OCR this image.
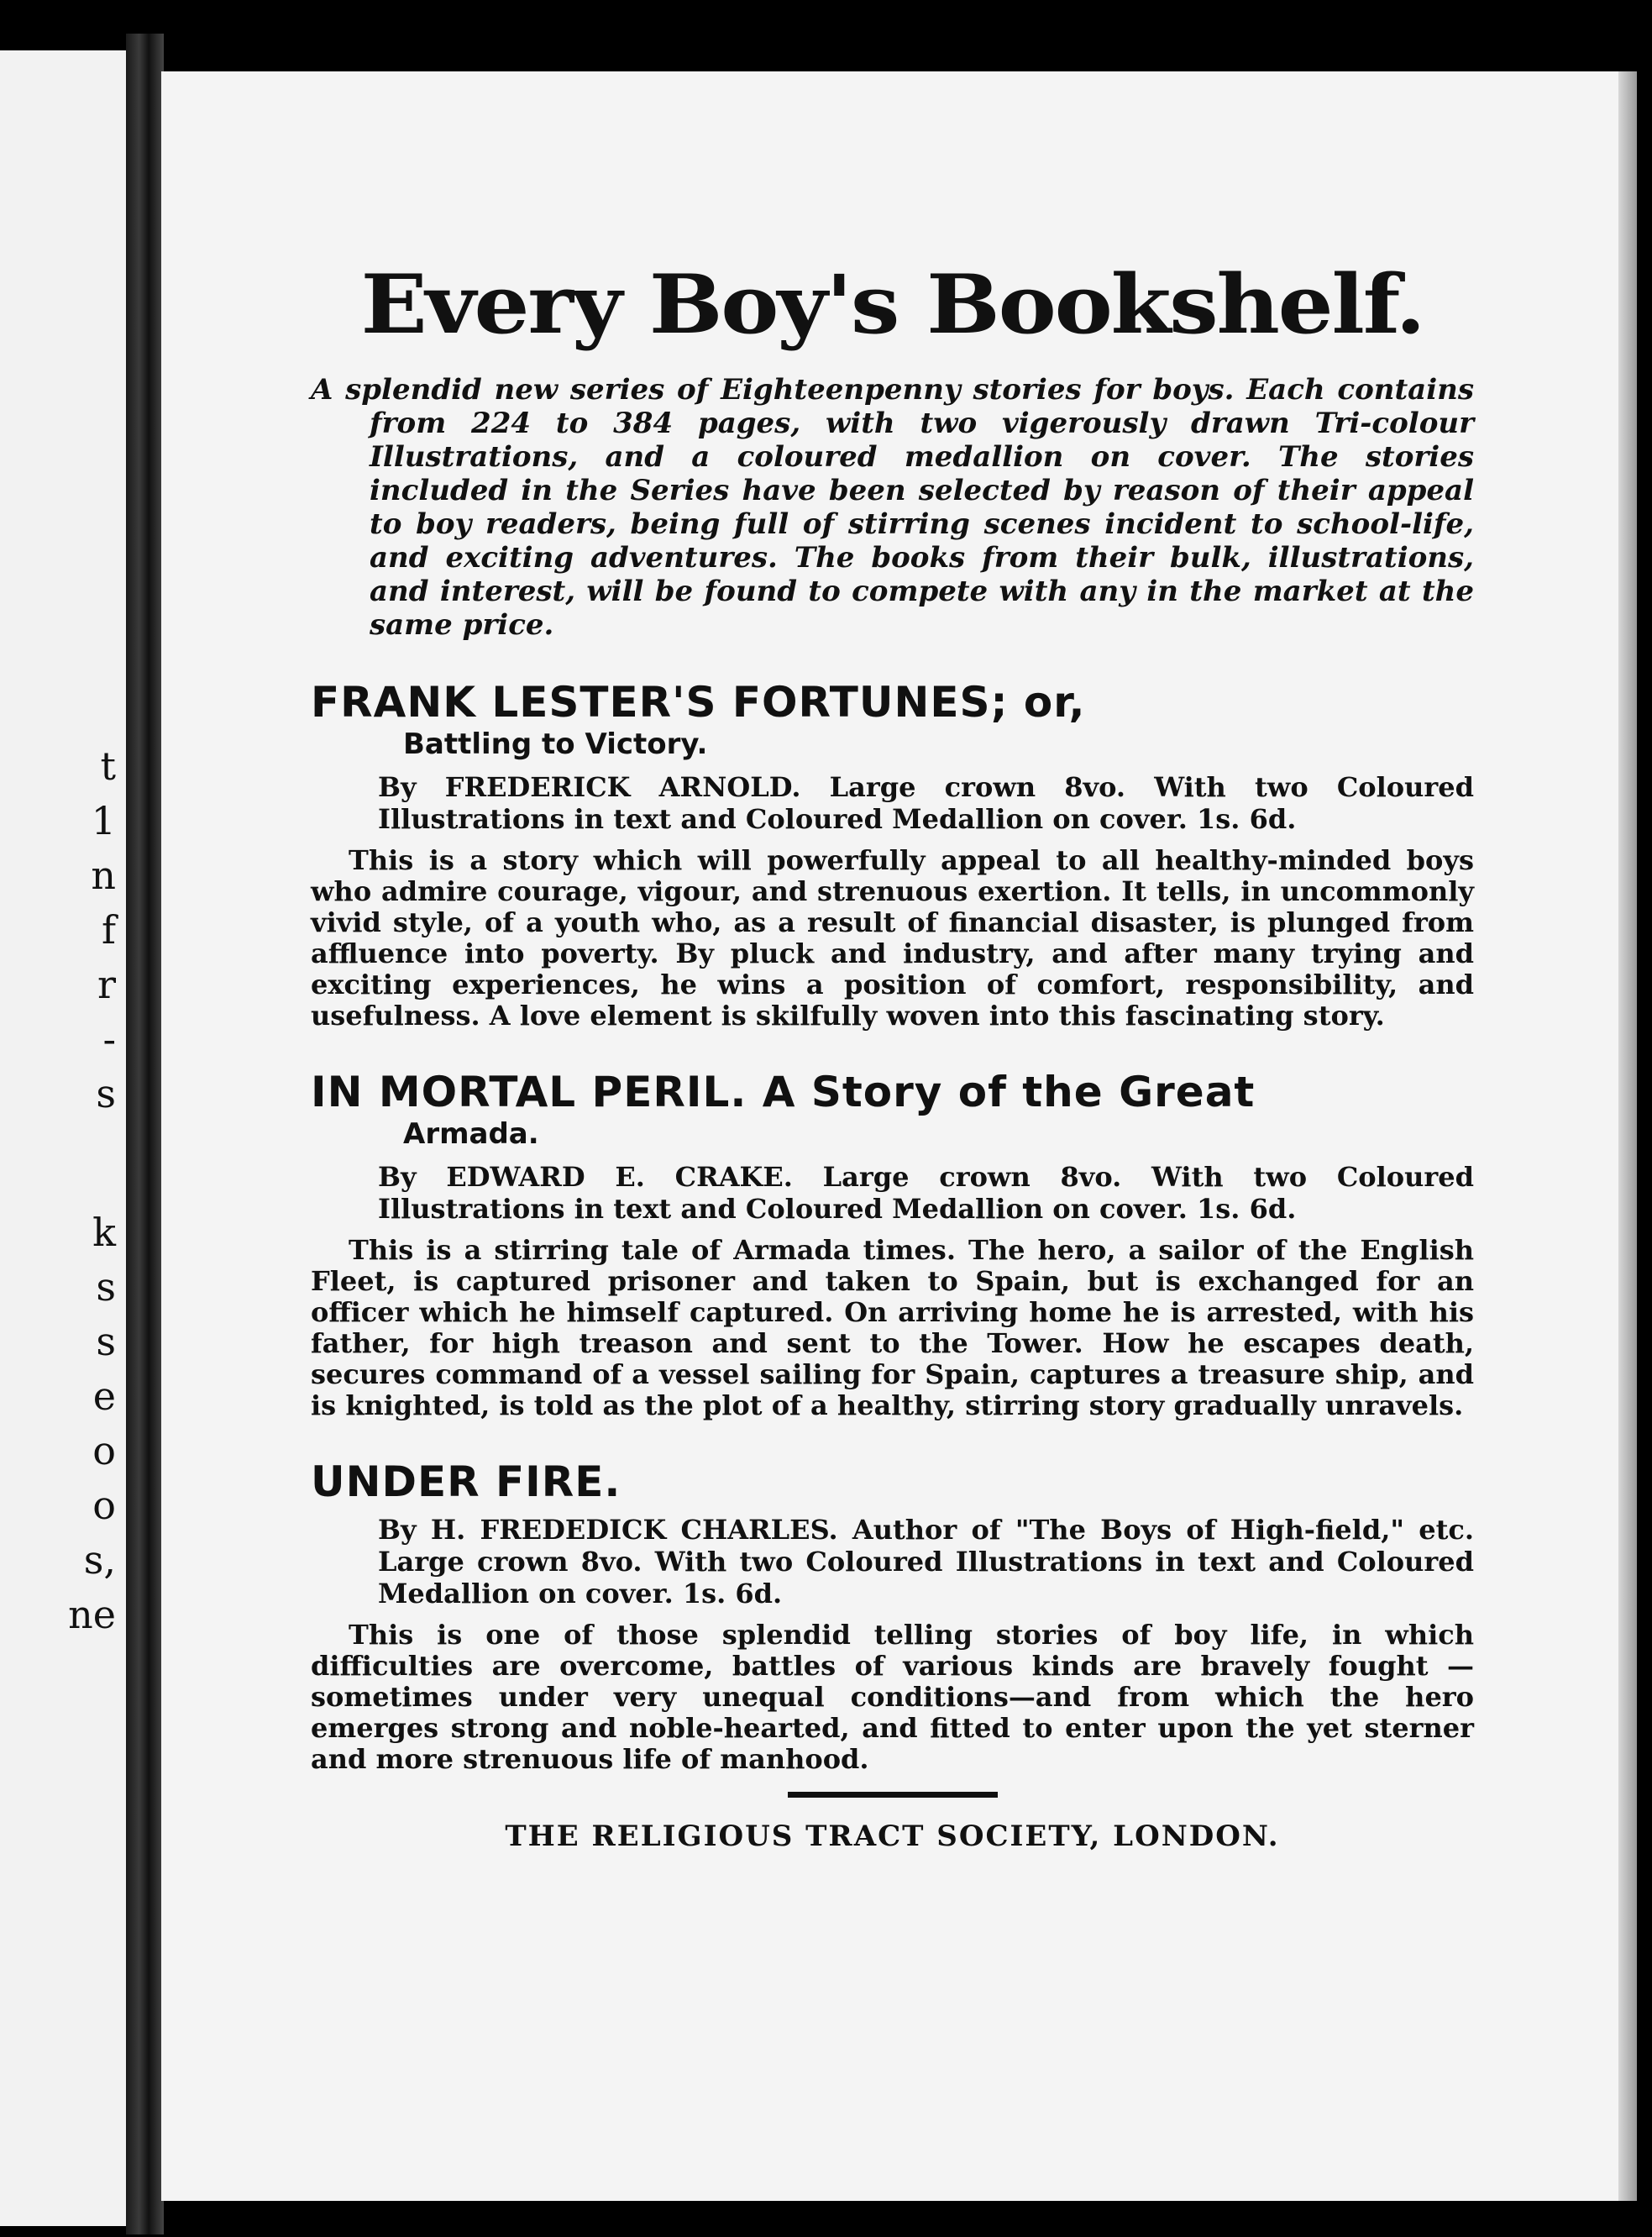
t
1
n
f
r
-
s
k
s
s
e
o
o
s,
ne
Every Boy's Bookshelf.

A splendid new series of Eighteenpenny stories for boys. Each contains from 224 to 384 pages, with two vigerously drawn Tri-colour Illustrations, and a coloured medallion on cover. The stories included in the Series have been selected by reason of their appeal to boy readers, being full of stirring scenes incident to school-life, and exciting adventures. The books from their bulk, illustrations, and interest, will be found to compete with any in the market at the same price.

FRANK LESTER'S FORTUNES; or,

Battling to Victory.

By FREDERICK ARNOLD. Large crown 8vo. With two Coloured Illustrations in text and Coloured Medallion on cover. 1s. 6d.

This is a story which will powerfully appeal to all healthy-minded boys who admire courage, vigour, and strenuous exertion. It tells, in uncommonly vivid style, of a youth who, as a result of financial disaster, is plunged from affluence into poverty. By pluck and industry, and after many trying and exciting experiences, he wins a position of comfort, responsibility, and usefulness. A love element is skilfully woven into this fascinating story.

IN MORTAL PERIL. A Story of the Great

Armada.

By EDWARD E. CRAKE. Large crown 8vo. With two Coloured Illustrations in text and Coloured Medallion on cover. 1s. 6d.

This is a stirring tale of Armada times. The hero, a sailor of the English Fleet, is captured prisoner and taken to Spain, but is exchanged for an officer which he himself captured. On arriving home he is arrested, with his father, for high treason and sent to the Tower. How he escapes death, secures command of a vessel sailing for Spain, captures a treasure ship, and is knighted, is told as the plot of a healthy, stirring story gradually unravels.

UNDER FIRE.

By H. FREDEDICK CHARLES. Author of "The Boys of High-field," etc. Large crown 8vo. With two Coloured Illustrations in text and Coloured Medallion on cover. 1s. 6d.

This is one of those splendid telling stories of boy life, in which difficulties are overcome, battles of various kinds are bravely fought —sometimes under very unequal conditions—and from which the hero emerges strong and noble-hearted, and fitted to enter upon the yet sterner and more strenuous life of manhood.

THE RELIGIOUS TRACT SOCIETY, LONDON.
